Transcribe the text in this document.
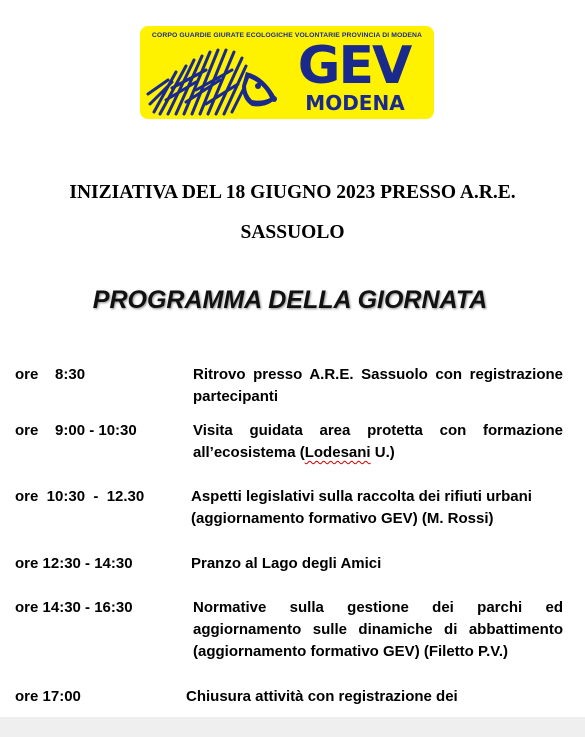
CORPO GUARDIE GIURATE ECOLOGICHE VOLONTARIE PROVINCIA DI MODENA
GEV
MODENA
INIZIATIVA DEL 18 GIUGNO 2023 PRESSO A.R.E.
SASSUOLO
PROGRAMMA DELLA GIORNATA
ore    8:30	Ritrovo presso A.R.E. Sassuolo con registrazione
partecipanti
ore    9:00 - 10:30	Visita guidata area protetta con formazione
all’ecosistema (Lodesani U.)
ore  10:30  -  12.30	Aspetti legislativi sulla raccolta dei rifiuti urbani
(aggiornamento formativo GEV) (M. Rossi)
ore 12:30 - 14:30	Pranzo al Lago degli Amici
ore 14:30 - 16:30	Normative sulla gestione dei parchi ed
aggiornamento sulle dinamiche di abbattimento
(aggiornamento formativo GEV) (Filetto P.V.)
ore 17:00	Chiusura attività con registrazione dei
